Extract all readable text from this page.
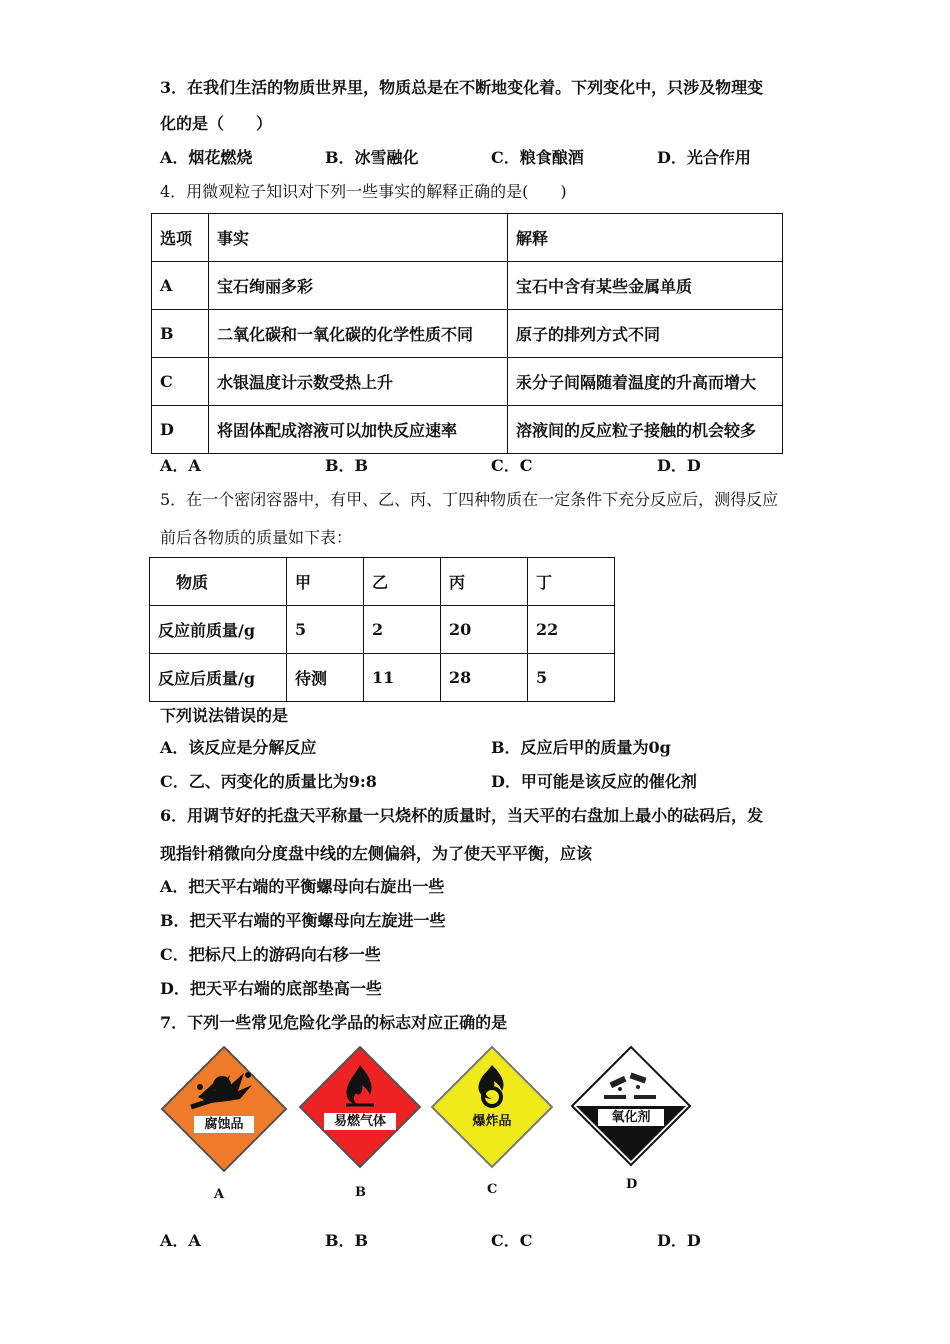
3．在我们生活的物质世界里，物质总是在不断地变化着。下列变化中，只涉及物理变
化的是（　　）
A．烟花燃烧	B．冰雪融化	C．粮食酿酒	D．光合作用
4．用微观粒子知识对下列一些事实的解释正确的是(　　)
选项	事实	解释
A	宝石绚丽多彩	宝石中含有某些金属单质
B	二氧化碳和一氧化碳的化学性质不同	原子的排列方式不同
C	水银温度计示数受热上升	汞分子间隔随着温度的升高而增大
D	将固体配成溶液可以加快反应速率	溶液间的反应粒子接触的机会较多
A．A	B．B	C．C	D．D
5．在一个密闭容器中，有甲、乙、丙、丁四种物质在一定条件下充分反应后，测得反应
前后各物质的质量如下表：
物质	甲	乙	丙	丁
反应前质量/g	5	2	20	22
反应后质量/g	待测	11	28	5
下列说法错误的是
A．该反应是分解反应	B．反应后甲的质量为0g
C．乙、丙变化的质量比为9:8	D．甲可能是该反应的催化剂
6．用调节好的托盘天平称量一只烧杯的质量时，当天平的右盘加上最小的砝码后，发
现指针稍微向分度盘中线的左侧偏斜，为了使天平平衡，应该
A．把天平右端的平衡螺母向右旋出一些
B．把天平右端的平衡螺母向左旋进一些
C．把标尺上的游码向右移一些
D．把天平右端的底部垫高一些
7．下列一些常见危险化学品的标志对应正确的是
腐蚀品
A
易燃气体
B
爆炸品
C
氧化剂
D
A．A	B．B	C．C	D．D
